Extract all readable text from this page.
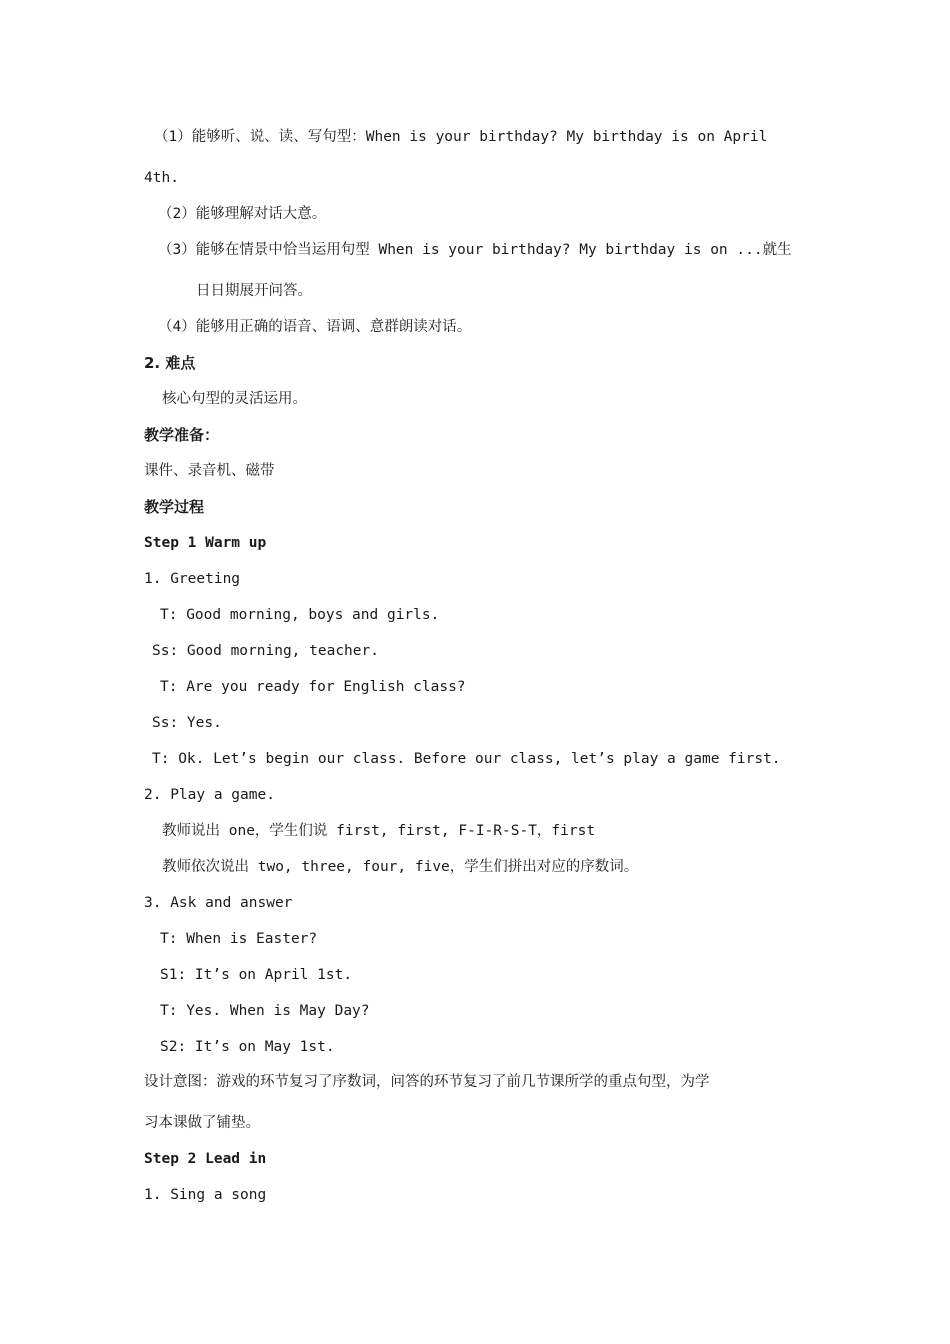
（1）能够听、说、读、写句型：When is your birthday? My birthday is on April
4th.
（2）能够理解对话大意。
（3）能够在情景中恰当运用句型 When is your birthday? My birthday is on ...就生
日日期展开问答。
（4）能够用正确的语音、语调、意群朗读对话。
2. 难点
核心句型的灵活运用。
教学准备：
课件、录音机、磁带
教学过程
Step 1 Warm up
1. Greeting
T: Good morning, boys and girls.
Ss: Good morning, teacher.
T: Are you ready for English class?
Ss: Yes.
T: Ok. Let’s begin our class. Before our class, let’s play a game first.
2. Play a game.
教师说出 one，学生们说 first, first, F-I-R-S-T，first
教师依次说出 two, three, four, five，学生们拼出对应的序数词。
3. Ask and answer
T: When is Easter?
S1: It’s on April 1st.
T: Yes. When is May Day?
S2: It’s on May 1st.
设计意图：游戏的环节复习了序数词，问答的环节复习了前几节课所学的重点句型，为学
习本课做了铺垫。
Step 2 Lead in
1. Sing a song
